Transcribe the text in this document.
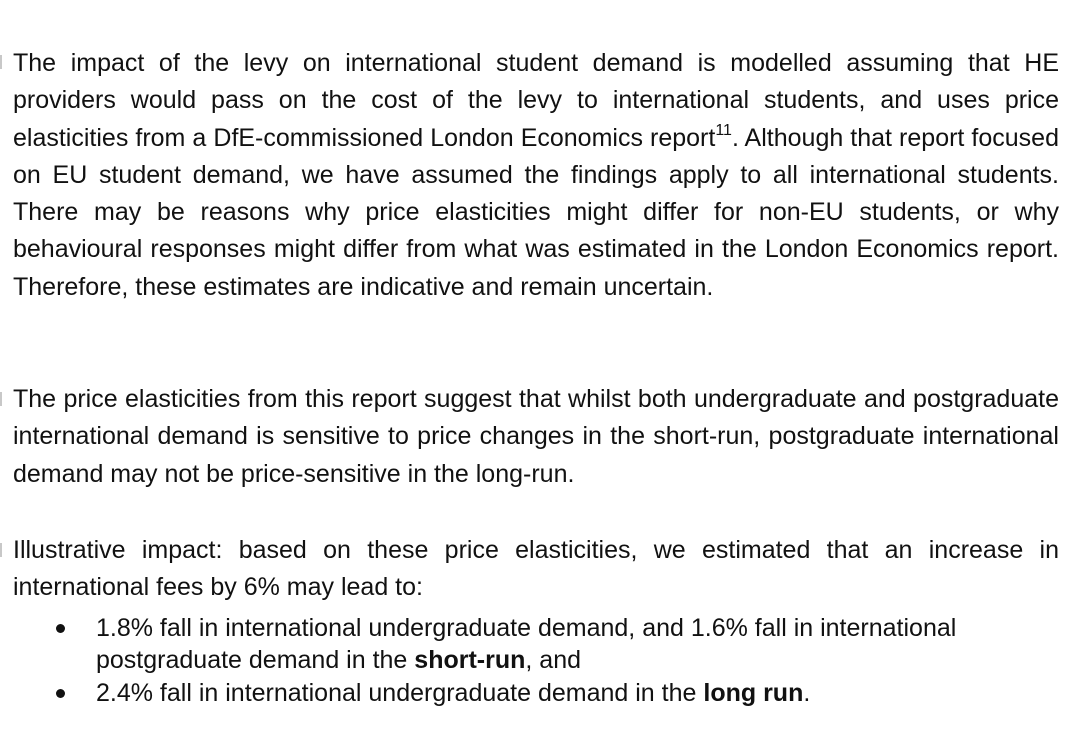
The impact of the levy on international student demand is modelled assuming that HE providers would pass on the cost of the levy to international students, and uses price elasticities from a DfE-commissioned London Economics report$^{11}$. Although that report focused on EU student demand, we have assumed the findings apply to all international students. There may be reasons why price elasticities might differ for non-EU students, or why behavioural responses might differ from what was estimated in the London Economics report. Therefore, these estimates are indicative and remain uncertain.

The price elasticities from this report suggest that whilst both undergraduate and postgraduate international demand is sensitive to price changes in the short-run, postgraduate international demand may not be price-sensitive in the long-run.

Illustrative impact: based on these price elasticities, we estimated that an increase in international fees by 6% may lead to:

1.8% fall in international undergraduate demand, and 1.6% fall in international
postgraduate demand in the short-run, and
2.4% fall in international undergraduate demand in the long run.
